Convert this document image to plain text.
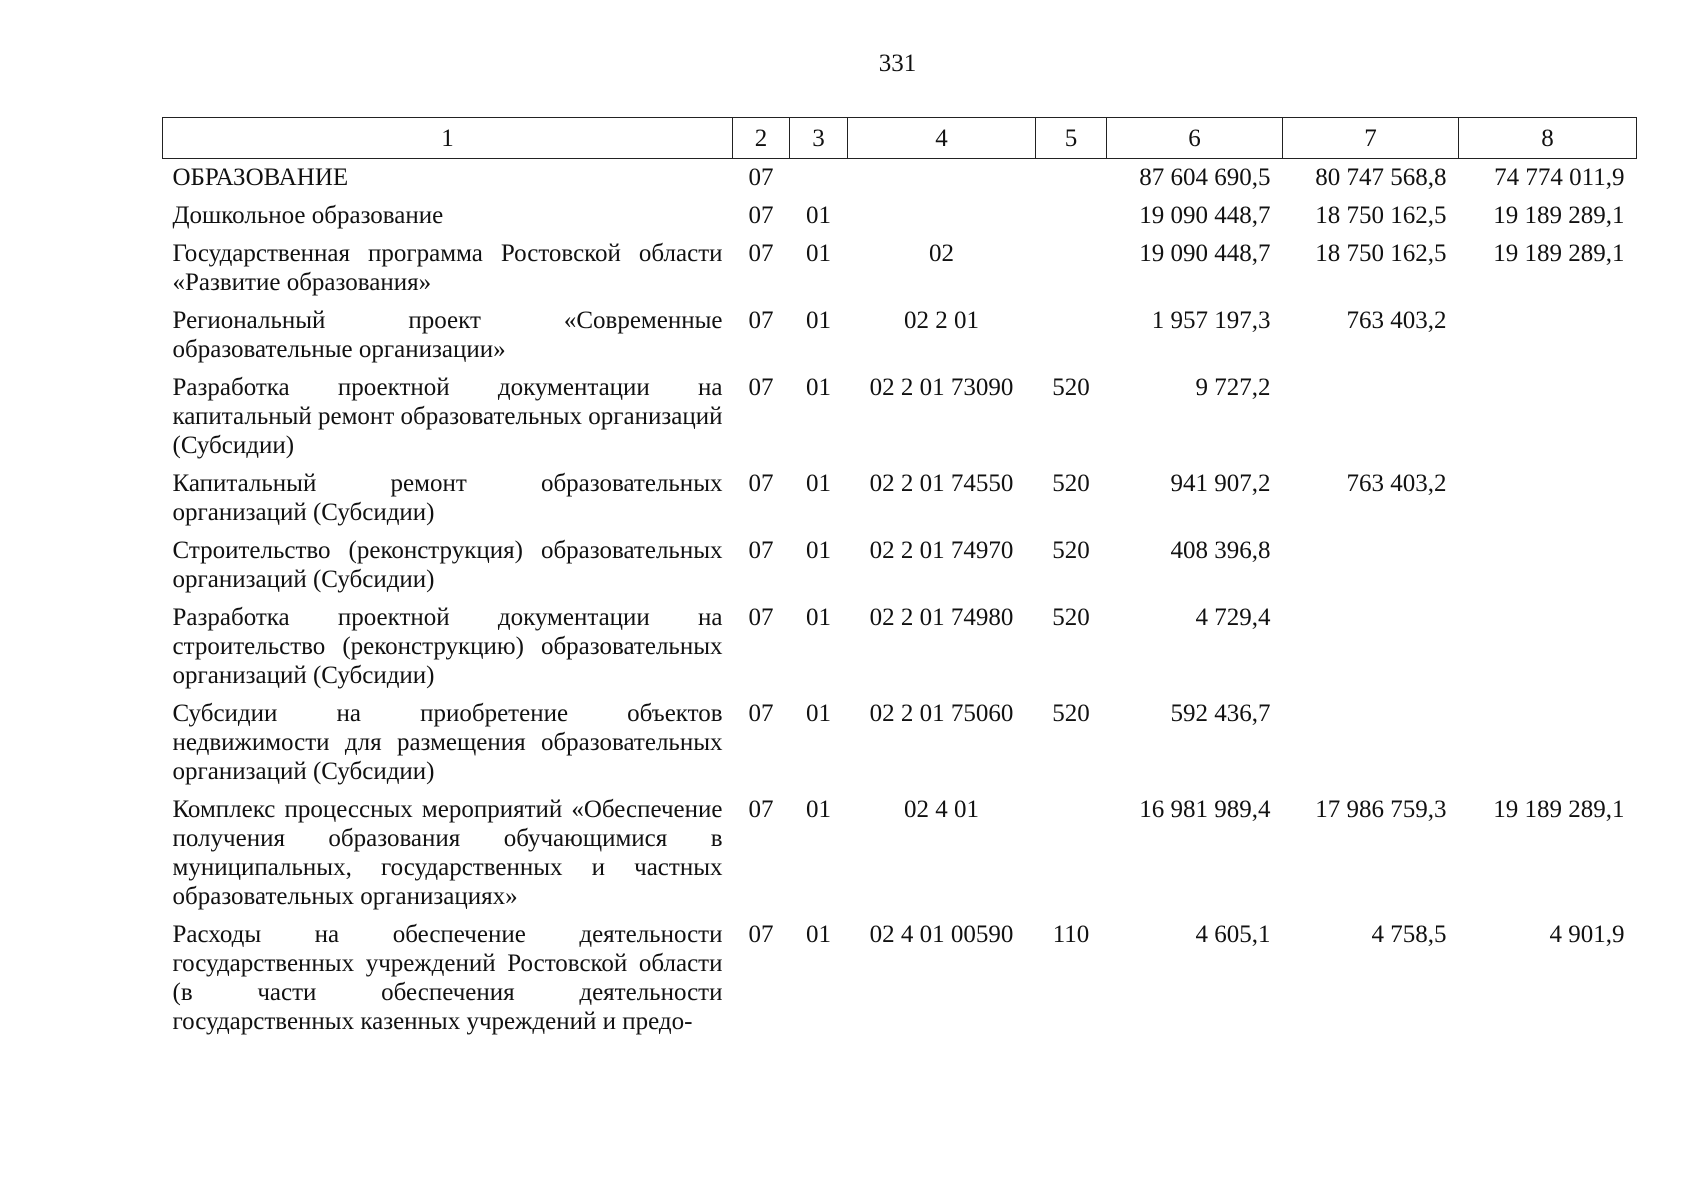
331
1	2	3	4	5	6	7	8
ОБРАЗОВАНИЕ	07				87 604 690,5	80 747 568,8	74 774 011,9
Дошкольное образование	07	01			19 090 448,7	18 750 162,5	19 189 289,1
Государственная программа Ростовской области «Развитие образования»	07	01	02		19 090 448,7	18 750 162,5	19 189 289,1
Региональный проект «Современные образовательные организации»	07	01	02 2 01		1 957 197,3	763 403,2	
Разработка проектной документации на капитальный ремонт образовательных организаций (Субсидии)	07	01	02 2 01 73090	520	9 727,2		
Капитальный ремонт образовательных организаций (Субсидии)	07	01	02 2 01 74550	520	941 907,2	763 403,2	
Строительство (реконструкция) образовательных организаций (Субсидии)	07	01	02 2 01 74970	520	408 396,8		
Разработка проектной документации на строительство (реконструкцию) образовательных организаций (Субсидии)	07	01	02 2 01 74980	520	4 729,4		
Субсидии на приобретение объектов недвижимости для размещения образовательных организаций (Субсидии)	07	01	02 2 01 75060	520	592 436,7		
Комплекс процессных мероприятий «Обеспечение получения образования обучающимися в муниципальных, государственных и частных образовательных организациях»	07	01	02 4 01		16 981 989,4	17 986 759,3	19 189 289,1
Расходы на обеспечение деятельности государственных учреждений Ростовской области (в части обеспечения деятельности государственных казенных учреждений и предо-	07	01	02 4 01 00590	110	4 605,1	4 758,5	4 901,9
